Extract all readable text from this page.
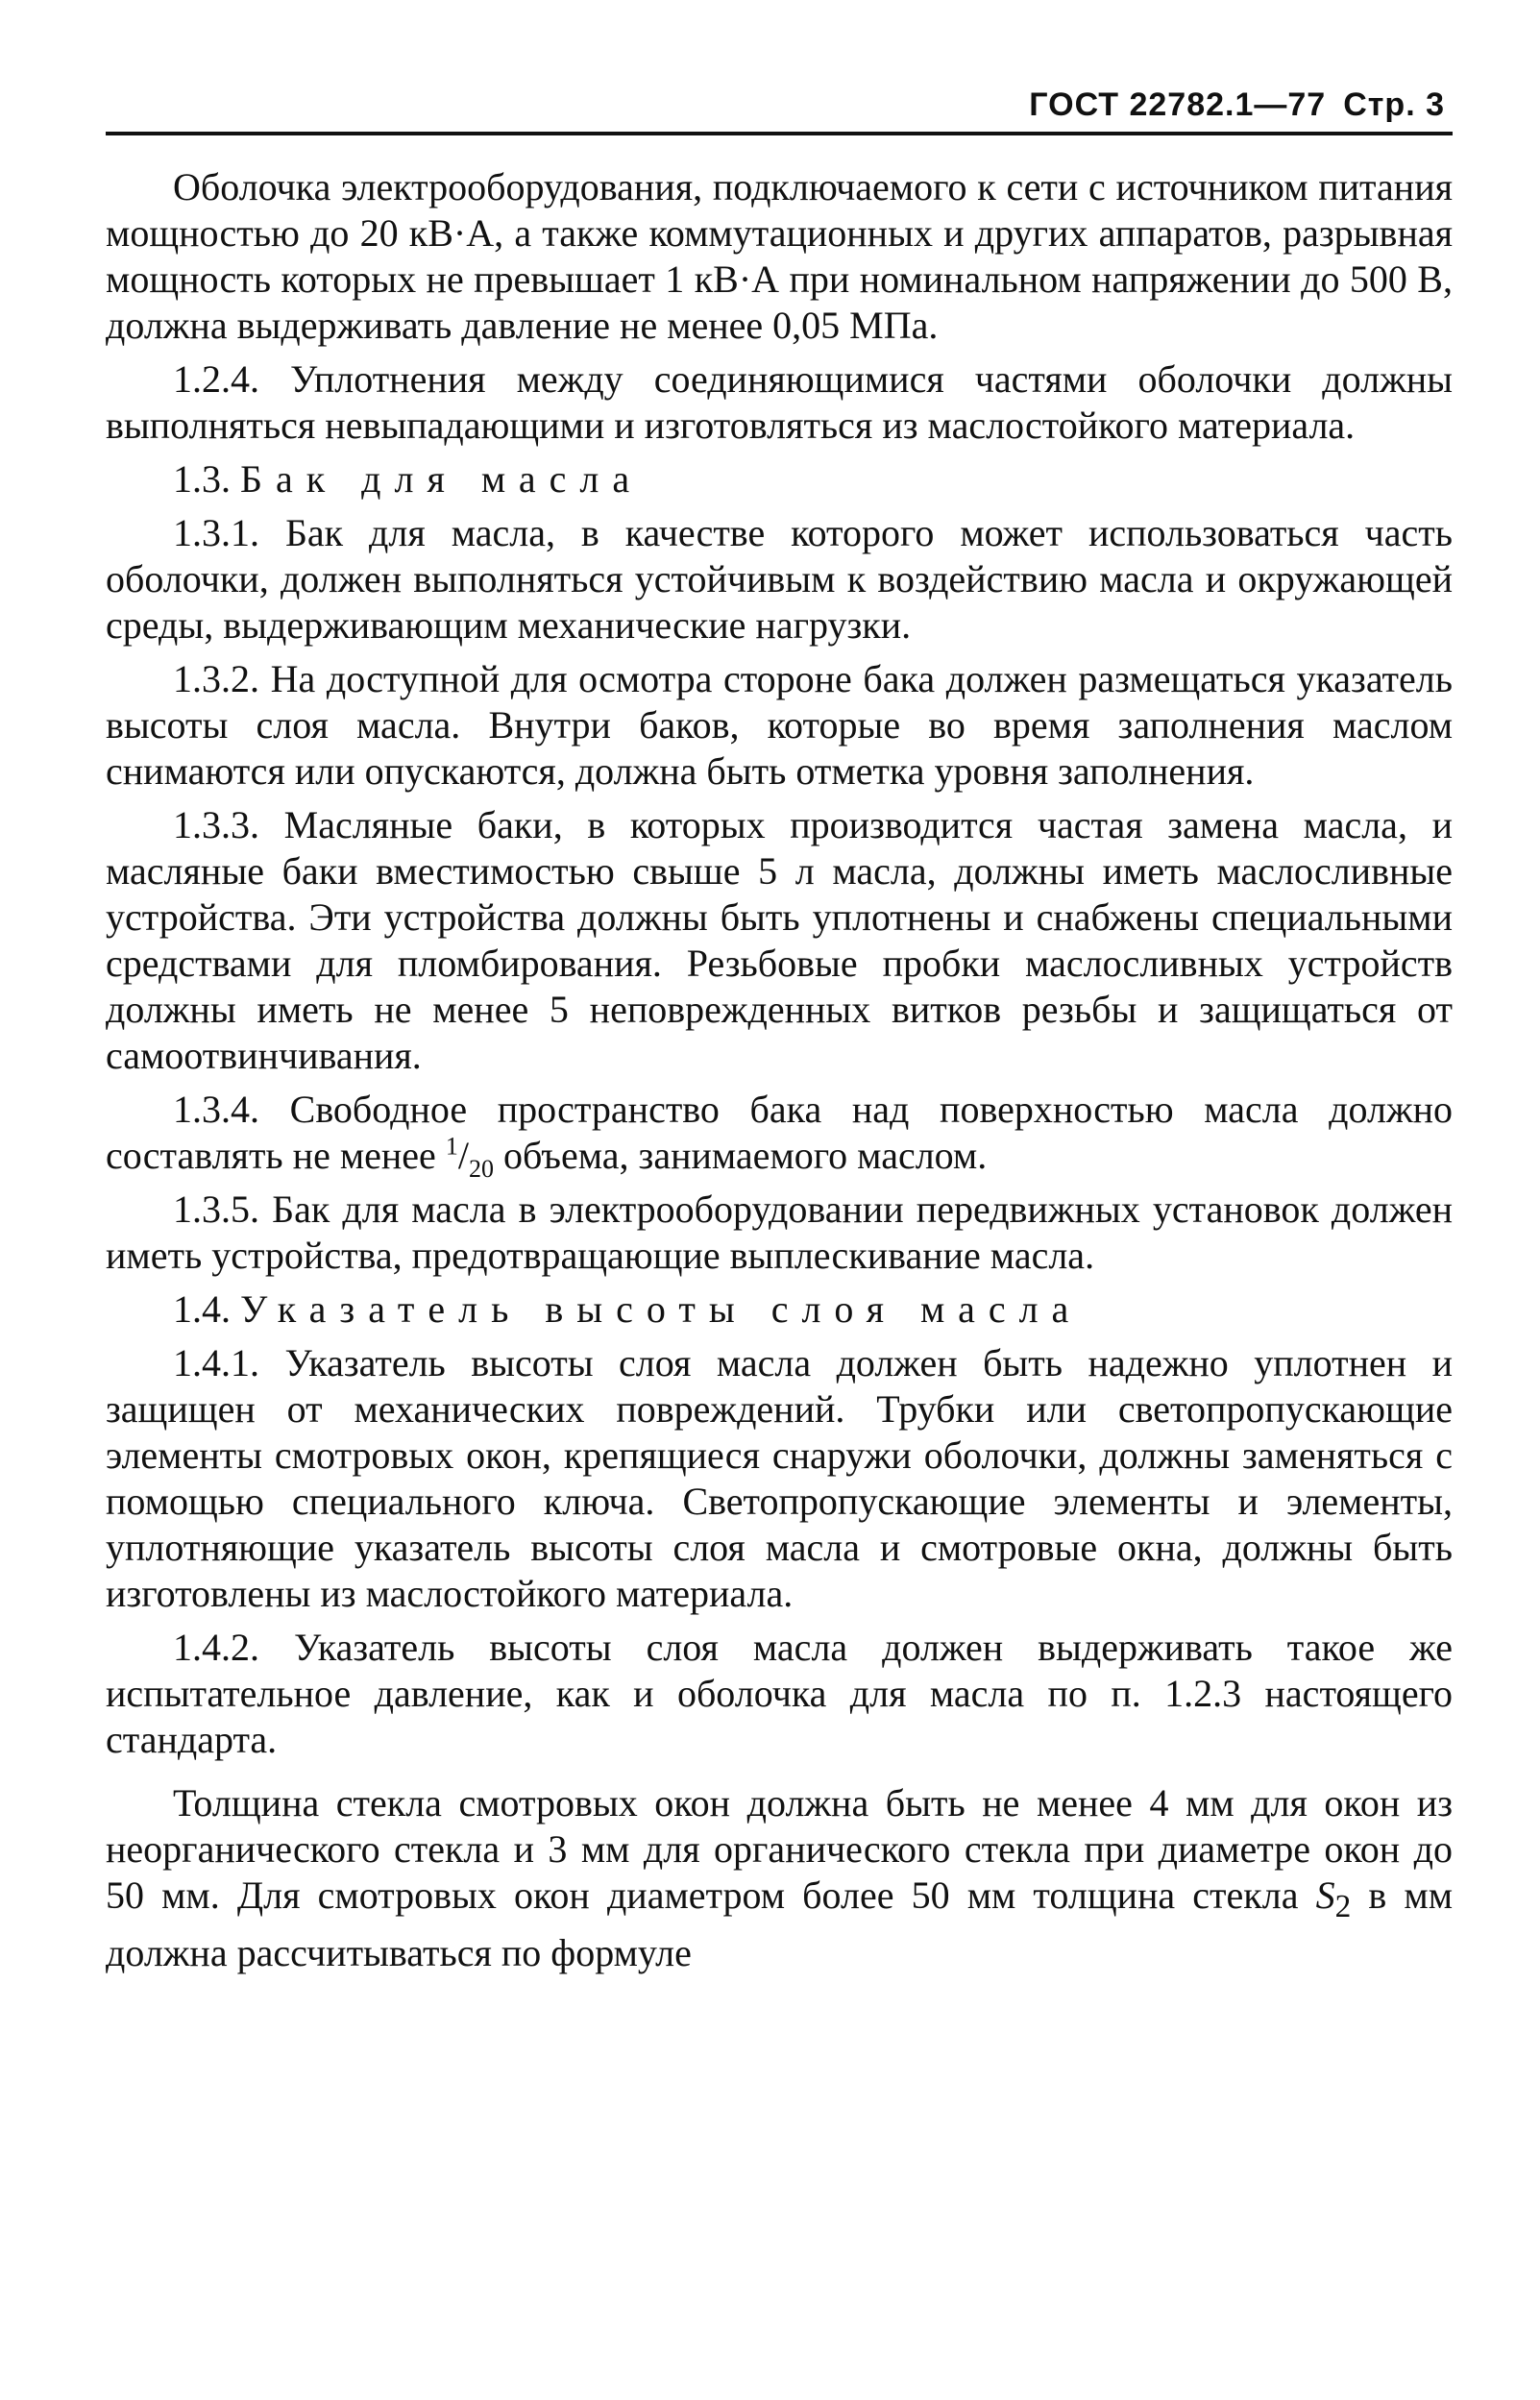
ГОСТ 22782.1—77 Стр. 3

Оболочка электрооборудования, подключаемого к сети с источником питания мощностью до 20 кВ·А, а также коммутационных и других аппаратов, разрывная мощность которых не превышает 1 кВ·А при номинальном напряжении до 500 В, должна выдерживать давление не менее 0,05 МПа.

1.2.4. Уплотнения между соединяющимися частями оболочки должны выполняться невыпадающими и изготовляться из маслостойкого материала.

1.3. Бак для масла

1.3.1. Бак для масла, в качестве которого может использоваться часть оболочки, должен выполняться устойчивым к воздействию масла и окружающей среды, выдерживающим механические нагрузки.

1.3.2. На доступной для осмотра стороне бака должен размещаться указатель высоты слоя масла. Внутри баков, которые во время заполнения маслом снимаются или опускаются, должна быть отметка уровня заполнения.

1.3.3. Масляные баки, в которых производится частая замена масла, и масляные баки вместимостью свыше 5 л масла, должны иметь маслосливные устройства. Эти устройства должны быть уплотнены и снабжены специальными средствами для пломбирования. Резьбовые пробки маслосливных устройств должны иметь не менее 5 неповрежденных витков резьбы и защищаться от самоотвинчивания.

1.3.4. Свободное пространство бака над поверхностью масла должно составлять не менее $^1/_{20}$ объема, занимаемого маслом.

1.3.5. Бак для масла в электрооборудовании передвижных установок должен иметь устройства, предотвращающие выплескивание масла.

1.4. Указатель высоты слоя масла

1.4.1. Указатель высоты слоя масла должен быть надежно уплотнен и защищен от механических повреждений. Трубки или светопропускающие элементы смотровых окон, крепящиеся снаружи оболочки, должны заменяться с помощью специального ключа. Светопропускающие элементы и элементы, уплотняющие указатель высоты слоя масла и смотровые окна, должны быть изготовлены из маслостойкого материала.

1.4.2. Указатель высоты слоя масла должен выдерживать такое же испытательное давление, как и оболочка для масла по п. 1.2.3 настоящего стандарта.

Толщина стекла смотровых окон должна быть не менее 4 мм для окон из неорганического стекла и 3 мм для органического стекла при диаметре окон до 50 мм. Для смотровых окон диаметром более 50 мм толщина стекла $S_2$ в мм должна рассчитываться по формуле
